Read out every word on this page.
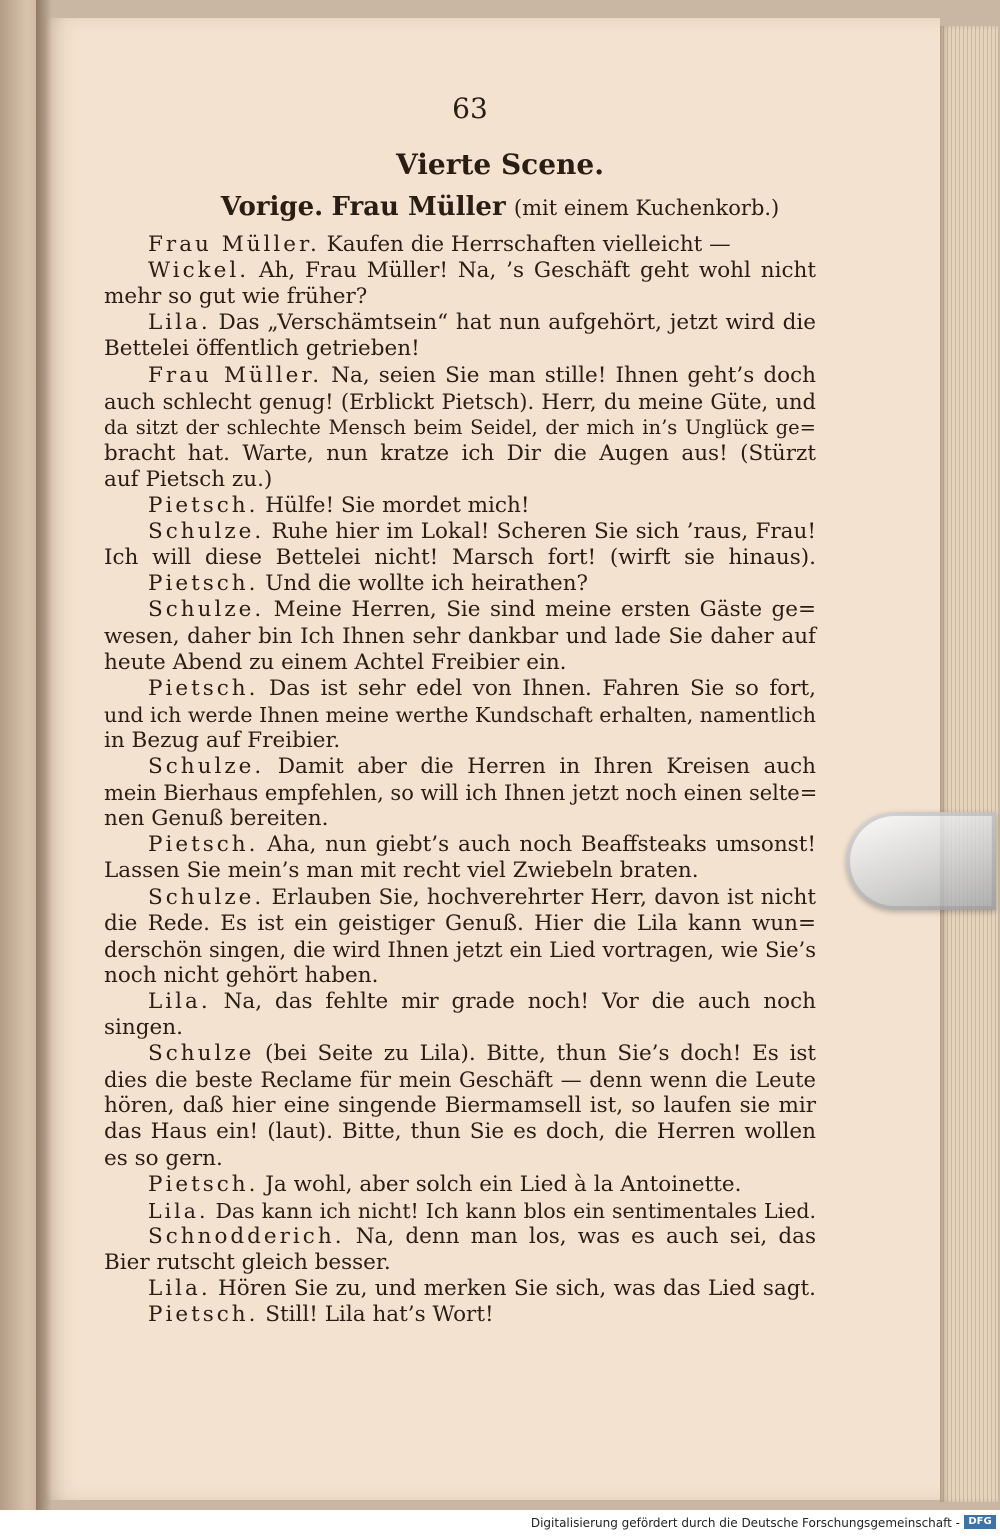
63
Vierte Scene.
Vorige. Frau Müller (mit einem Kuchenkorb.)
Frau Müller. Kaufen die Herrschaften vielleicht —
Wickel. Ah, Frau Müller! Na, ’s Geschäft geht wohl nicht
mehr so gut wie früher?
Lila. Das „Verschämtsein“ hat nun aufgehört, jetzt wird die
Bettelei öffentlich getrieben!
Frau Müller. Na, seien Sie man stille! Ihnen geht’s doch
auch schlecht genug! (Erblickt Pietsch). Herr, du meine Güte, und
da sitzt der schlechte Mensch beim Seidel, der mich in’s Unglück ge=
bracht hat. Warte, nun kratze ich Dir die Augen aus! (Stürzt
auf Pietsch zu.)
Pietsch. Hülfe! Sie mordet mich!
Schulze. Ruhe hier im Lokal! Scheren Sie sich ’raus, Frau!
Ich will diese Bettelei nicht! Marsch fort! (wirft sie hinaus).
Pietsch. Und die wollte ich heirathen?
Schulze. Meine Herren, Sie sind meine ersten Gäste ge=
wesen, daher bin Ich Ihnen sehr dankbar und lade Sie daher auf
heute Abend zu einem Achtel Freibier ein.
Pietsch. Das ist sehr edel von Ihnen. Fahren Sie so fort,
und ich werde Ihnen meine werthe Kundschaft erhalten, namentlich
in Bezug auf Freibier.
Schulze. Damit aber die Herren in Ihren Kreisen auch
mein Bierhaus empfehlen, so will ich Ihnen jetzt noch einen selte=
nen Genuß bereiten.
Pietsch. Aha, nun giebt’s auch noch Beaffsteaks umsonst!
Lassen Sie mein’s man mit recht viel Zwiebeln braten.
Schulze. Erlauben Sie, hochverehrter Herr, davon ist nicht
die Rede. Es ist ein geistiger Genuß. Hier die Lila kann wun=
derschön singen, die wird Ihnen jetzt ein Lied vortragen, wie Sie’s
noch nicht gehört haben.
Lila. Na, das fehlte mir grade noch! Vor die auch noch
singen.
Schulze (bei Seite zu Lila). Bitte, thun Sie’s doch! Es ist
dies die beste Reclame für mein Geschäft — denn wenn die Leute
hören, daß hier eine singende Biermamsell ist, so laufen sie mir
das Haus ein! (laut). Bitte, thun Sie es doch, die Herren wollen
es so gern.
Pietsch. Ja wohl, aber solch ein Lied à la Antoinette.
Lila. Das kann ich nicht! Ich kann blos ein sentimentales Lied.
Schnodderich. Na, denn man los, was es auch sei, das
Bier rutscht gleich besser.
Lila. Hören Sie zu, und merken Sie sich, was das Lied sagt.
Pietsch. Still! Lila hat’s Wort!
Digitalisierung gefördert durch die Deutsche Forschungsgemeinschaft - DFG
